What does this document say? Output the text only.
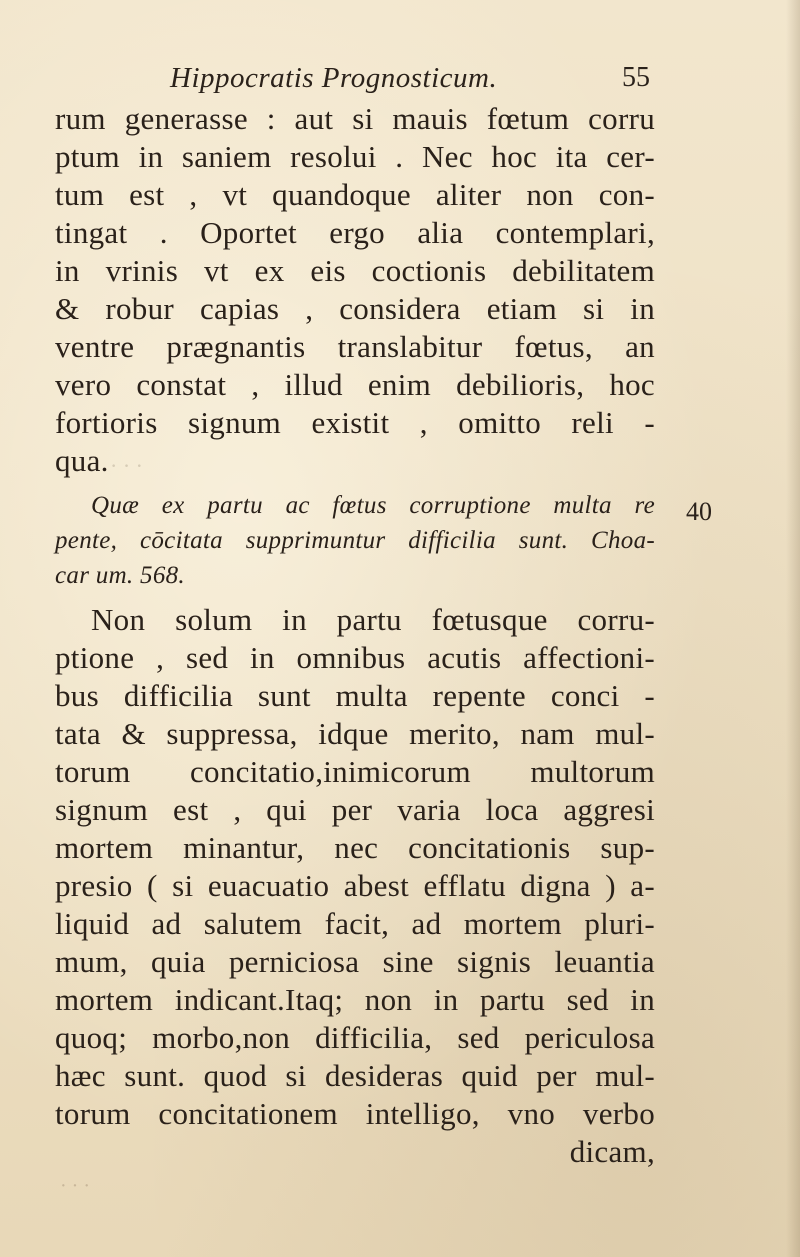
Hippocratis Prognosticum.	55
· · ·
· · ·
rum generasse : aut si mauis fœtum corru
ptum in saniem resolui . Nec hoc ita cer-
tum est , vt quandoque aliter non con-
tingat . Oportet ergo alia contemplari,
in vrinis vt ex eis coctionis debilitatem
& robur capias , considera etiam si in
ventre prægnantis translabitur fœtus, an
vero constat , illud enim debilioris, hoc
fortioris signum existit , omitto reli -
qua.
Quæ ex partu ac fœtus corruptione multa re
pente, cōcitata supprimuntur difficilia sunt. Choa-
car um. 568.
Non solum in partu fœtusque corru-
ptione , sed in omnibus acutis affectioni-
bus difficilia sunt multa repente conci -
tata & suppressa, idque merito, nam mul-
torum concitatio,inimicorum multorum
signum est , qui per varia loca aggresi
mortem minantur, nec concitationis sup-
presio ( si euacuatio abest efflatu digna ) a-
liquid ad salutem facit, ad mortem pluri-
mum, quia perniciosa sine signis leuantia
mortem indicant.Itaq; non in partu sed in
quoq; morbo,non difficilia, sed periculosa
hæc sunt. quod si desideras quid per mul-
torum concitationem intelligo, vno verbo
dicam,
40
